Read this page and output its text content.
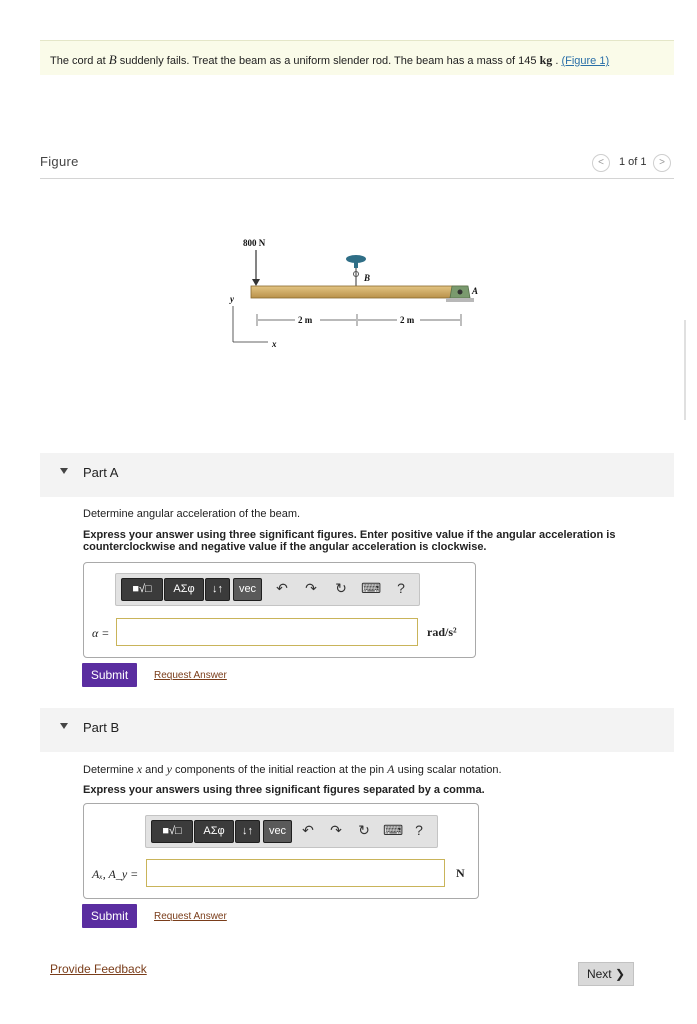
The cord at B suddenly fails. Treat the beam as a uniform slender rod. The beam has a mass of 145 kg . (Figure 1)
Figure	<	1 of 1	>
800 N
B
A
2 m	2 m
y
x
Part A
Determine angular acceleration of the beam.
Express your answer using three significant figures. Enter positive value if the angular acceleration is
counterclockwise and negative value if the angular acceleration is clockwise.
■√□	ΑΣφ	↓↑	vec	↶ ↷ ↻ ⌨	?
α =	rad/s²
Submit	Request Answer
Part B
Determine x and y components of the initial reaction at the pin A using scalar notation.
Express your answers using three significant figures separated by a comma.
■√□	ΑΣφ	↓↑	vec	↶ ↷ ↻ ⌨ ?
Aₓ, A_y =	N
Submit	Request Answer
Provide Feedback	Next ❯
